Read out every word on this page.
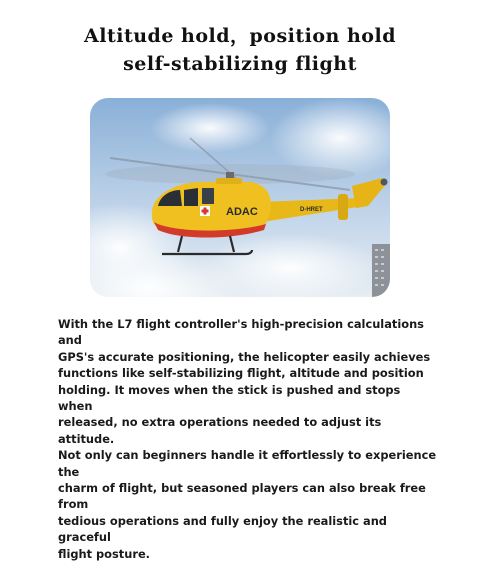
Altitude hold，position hold
self-stabilizing flight
ADAC	D-HRET
With the L7 flight controller's high-precision calculations and
GPS's accurate positioning, the helicopter easily achieves
functions like self-stabilizing flight, altitude and position
holding. It moves when the stick is pushed and stops when
released, no extra operations needed to adjust its attitude.
Not only can beginners handle it effortlessly to experience the
charm of flight, but seasoned players can also break free from
tedious operations and fully enjoy the realistic and graceful
flight posture.
